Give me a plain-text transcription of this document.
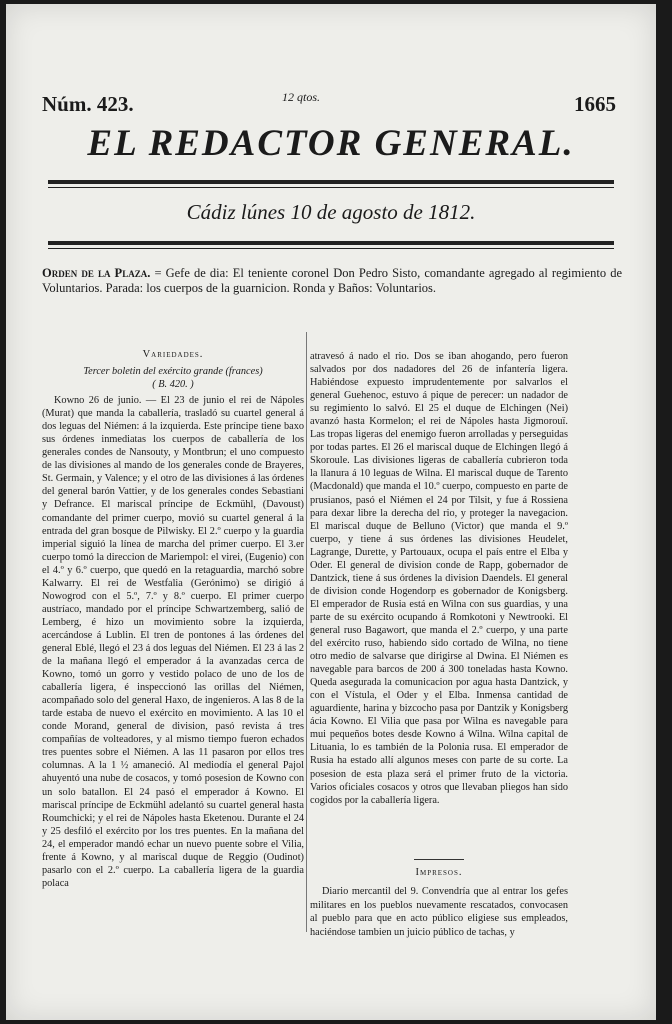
Núm. 423.	12 qtos.	1665
EL REDACTOR GENERAL.
Cádiz lúnes 10 de agosto de 1812.
Orden de la Plaza. = Gefe de dia: El teniente coronel Don Pedro Sisto, comandante agregado al regimiento de Voluntarios. Parada: los cuerpos de la guarnicion. Ronda y Baños: Voluntarios.
Variedades.
Tercer boletin del exército grande (frances)
( B. 420. )

Kowno 26 de junio. — El 23 de junio el rei de Nápoles (Murat) que manda la caballería, trasladó su cuartel general á dos leguas del Niémen: á la izquierda. Este príncipe tiene baxo sus órdenes inmediatas los cuerpos de caballería de los generales condes de Nansouty, y Montbrun; el uno compuesto de las divisiones al mando de los generales conde de Brayeres, St. Germain, y Valence; y el otro de las divisiones á las órdenes del general barón Vattier, y de los generales condes Sebastiani y Defrance. El mariscal príncipe de Eckmühl, (Davoust) comandante del primer cuerpo, movió su cuartel general á la entrada del gran bosque de Pilwisky. El 2.º cuerpo y la guardia imperial siguió la línea de marcha del primer cuerpo. El 3.er cuerpo tomó la direccion de Mariempol: el virei, (Eugenio) con el 4.º y 6.º cuerpo, que quedó en la retaguardia, marchó sobre Kalwarry. El rei de Westfalia (Gerónimo) se dirigió á Nowogrod con el 5.º, 7.º y 8.º cuerpo. El primer cuerpo austríaco, mandado por el príncipe Schwartzemberg, salió de Lemberg, é hizo un movimiento sobre la izquierda, acercándose á Lublin. El tren de pontones á las órdenes del general Eblé, llegó el 23 á dos leguas del Niémen. El 23 á las 2 de la mañana llegó el emperador á la avanzadas cerca de Kowno, tomó un gorro y vestido polaco de uno de los de caballería ligera, é inspeccionó las orillas del Niémen, acompañado solo del general Haxo, de ingenieros. A las 8 de la tarde estaba de nuevo el exército en movimiento. A las 10 el conde Morand, general de division, pasó revista á tres compañías de volteadores, y al mismo tiempo fueron echados tres puentes sobre el Niémen. A las 11 pasaron por ellos tres columnas. A la 1 ½ amaneció. Al mediodía el general Pajol ahuyentó una nube de cosacos, y tomó posesion de Kowno con un solo batallon. El 24 pasó el emperador á Kowno. El mariscal príncipe de Eckmühl adelantó su cuartel general hasta Roumchicki; y el rei de Nápoles hasta Eketenou. Durante el 24 y 25 desfiló el exército por los tres puentes. En la mañana del 24, el emperador mandó echar un nuevo puente sobre el Vilia, frente á Kowno, y al mariscal duque de Reggio (Oudinot) pasarlo con el 2.º cuerpo. La caballería ligera de la guardia polaca

atravesó á nado el rio. Dos se iban ahogando, pero fueron salvados por dos nadadores del 26 de infantería ligera. Habiéndose expuesto imprudentemente por salvarlos el general Guehenoc, estuvo á pique de perecer: un nadador de su regimiento lo salvó. El 25 el duque de Elchingen (Nei) avanzó hasta Kormelon; el rei de Nápoles hasta Jigmorouï. Las tropas ligeras del enemigo fueron arrolladas y perseguidas por todas partes. El 26 el mariscal duque de Elchingen llegó á Skoroule. Las divisiones ligeras de caballería cubrieron toda la llanura á 10 leguas de Wilna. El mariscal duque de Tarento (Macdonald) que manda el 10.º cuerpo, compuesto en parte de prusianos, pasó el Niémen el 24 por Tilsit, y fue á Rossiena para dexar libre la derecha del rio, y proteger la navegacion. El mariscal duque de Belluno (Victor) que manda el 9.º cuerpo, y tiene á sus órdenes las divisiones Heudelet, Lagrange, Durette, y Partouaux, ocupa el país entre el Elba y Oder. El general de division conde de Rapp, gobernador de Dantzick, tiene á sus órdenes la division Daendels. El general de division conde Hogendorp es gobernador de Konigsberg. El emperador de Rusia está en Wilna con sus guardias, y una parte de su exército ocupando á Romkotoni y Newtrooki. El general ruso Bagawort, que manda el 2.º cuerpo, y una parte del exército ruso, habiendo sido cortado de Wilna, no tiene otro medio de salvarse que dirigirse al Dwina. El Niémen es navegable para barcos de 200 á 300 toneladas hasta Kowno. Queda asegurada la comunicacion por agua hasta Dantzick, y con el Vístula, el Oder y el Elba. Inmensa cantidad de aguardiente, harina y bizcocho pasa por Dantzik y Konigsberg ácia Kowno. El Vilia que pasa por Wilna es navegable para mui pequeños botes desde Kowno á Wilna. Wilna capital de Lituania, lo es también de la Polonia rusa. El emperador de Rusia ha estado allí algunos meses con parte de su corte. La posesion de esta plaza será el primer fruto de la victoria. Varios oficiales cosacos y otros que llevaban pliegos han sido cogidos por la caballería ligera.

Impresos.

Diario mercantil del 9. Convendría que al entrar los gefes militares en los pueblos nuevamente rescatados, convocasen al pueblo para que en acto público eligiese sus empleados, haciéndose tambien un juicio público de tachas, y
